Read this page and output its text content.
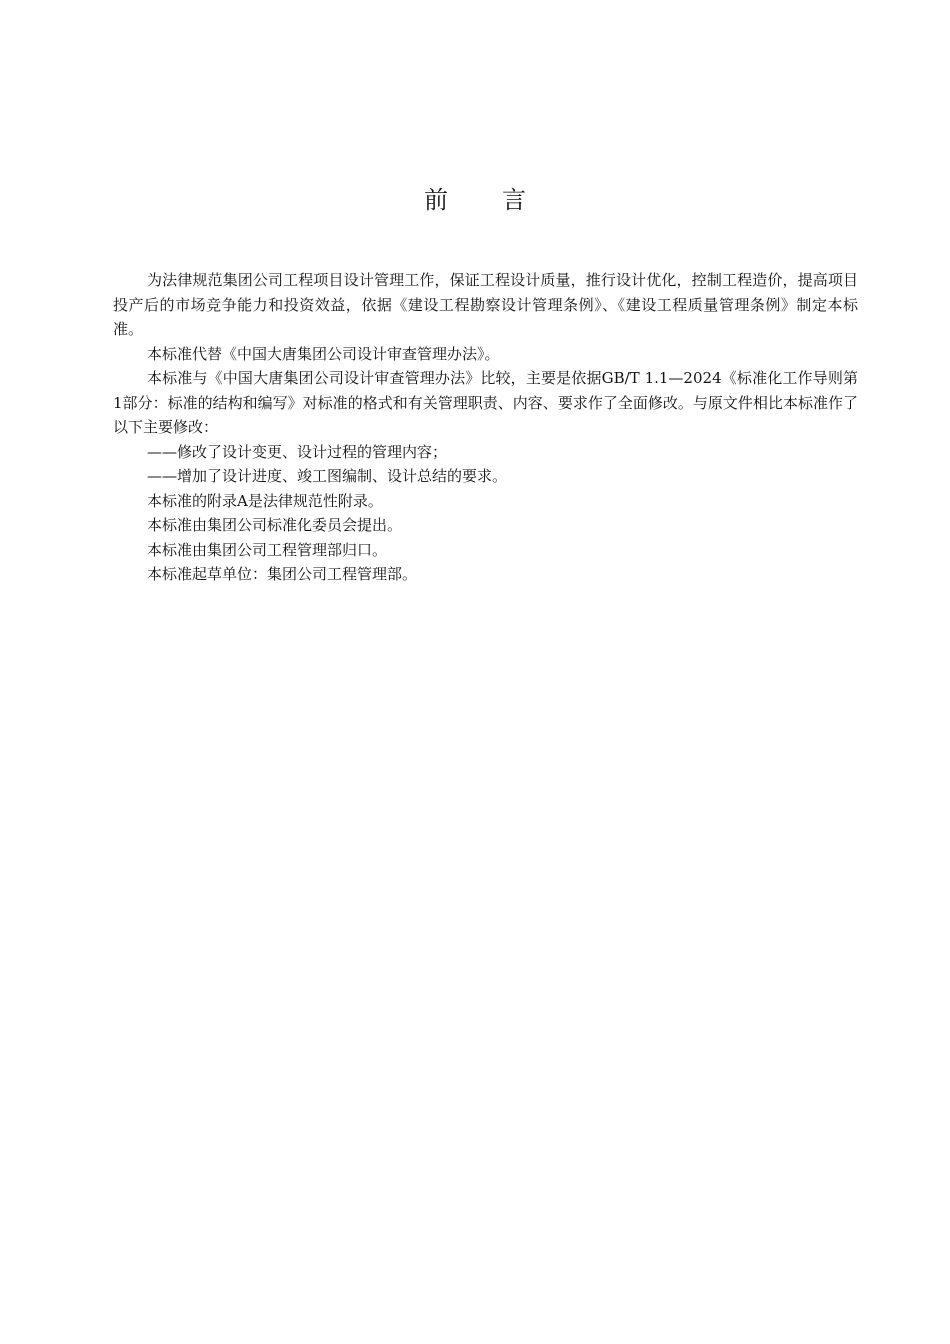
前言

为法律规范集团公司工程项目设计管理工作，保证工程设计质量，推行设计优化，控制工程造价，提高项目投产后的市场竞争能力和投资效益，依据《建设工程勘察设计管理条例》、《建设工程质量管理条例》制定本标准。

本标准代替《中国大唐集团公司设计审查管理办法》。

本标准与《中国大唐集团公司设计审查管理办法》比较，主要是依据GB/T 1.1—2024《标准化工作导则第1部分：标准的结构和编写》对标准的格式和有关管理职责、内容、要求作了全面修改。与原文件相比本标准作了以下主要修改：

——修改了设计变更、设计过程的管理内容；

——增加了设计进度、竣工图编制、设计总结的要求。

本标准的附录A是法律规范性附录。

本标准由集团公司标准化委员会提出。

本标准由集团公司工程管理部归口。

本标准起草单位：集团公司工程管理部。
